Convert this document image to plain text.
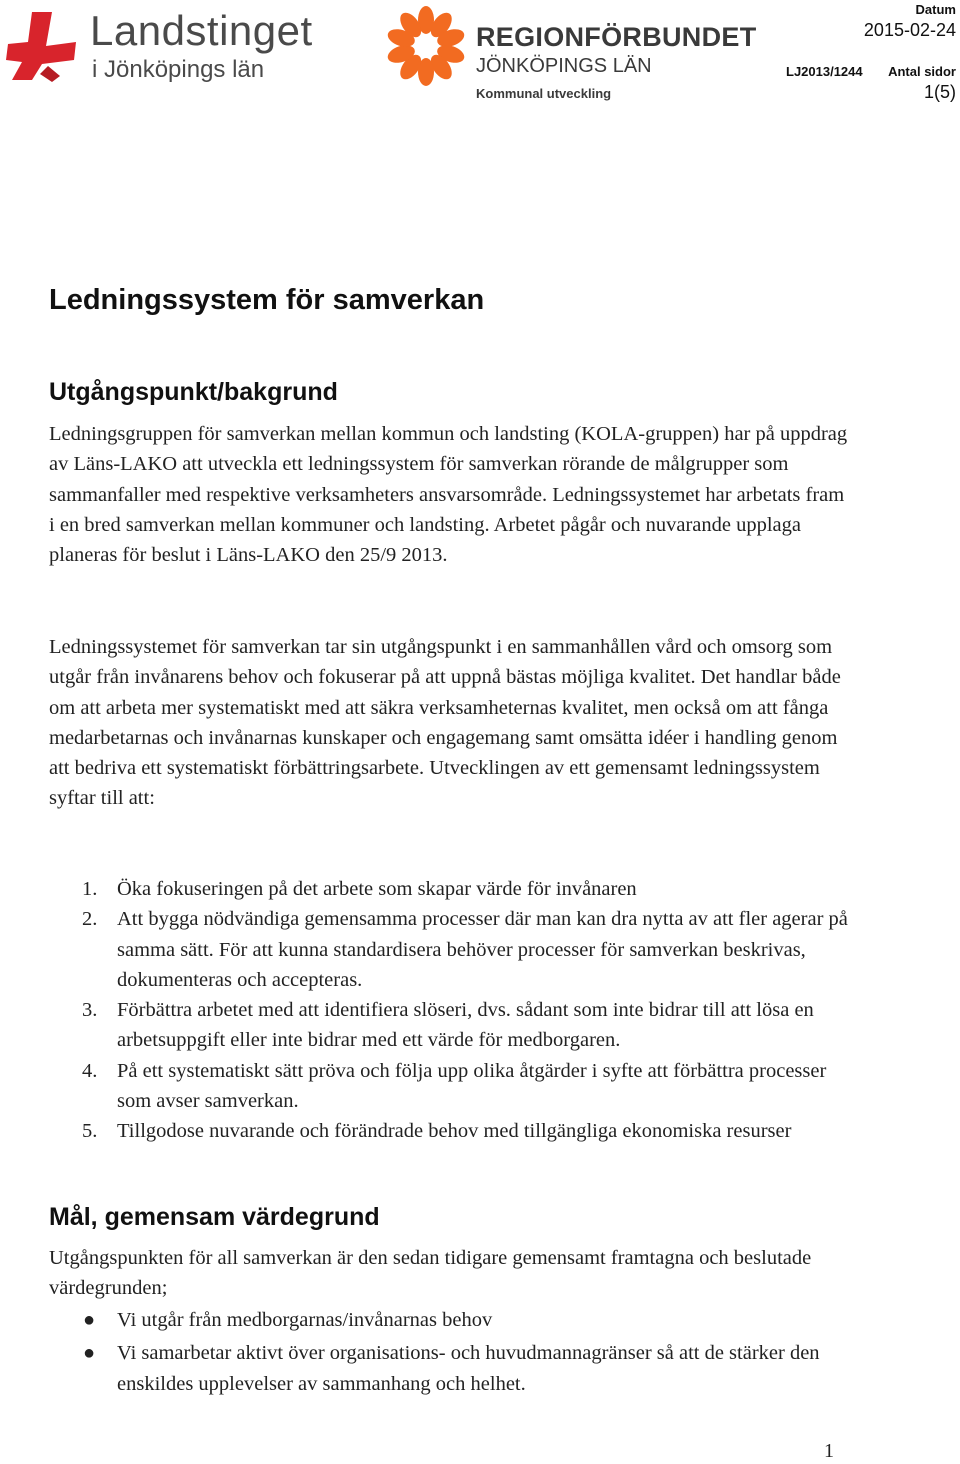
Landstinget
i Jönköpings län
REGIONFÖRBUNDET
JÖNKÖPINGS LÄN
Kommunal utveckling
Datum
2015-02-24
LJ2013/1244 Antal sidor
1(5)
Ledningssystem för samverkan
Utgångspunkt/bakgrund

Ledningsgruppen för samverkan mellan kommun och landsting (KOLA-gruppen) har på uppdrag av Läns-LAKO att utveckla ett ledningssystem för samverkan rörande de målgrupper som sammanfaller med respektive verksamheters ansvarsområde. Ledningssystemet har arbetats fram i en bred samverkan mellan kommuner och landsting. Arbetet pågår och nuvarande upplaga planeras för beslut i Läns-LAKO den 25/9 2013.

Ledningssystemet för samverkan tar sin utgångspunkt i en sammanhållen vård och omsorg som utgår från invånarens behov och fokuserar på att uppnå bästas möjliga kvalitet. Det handlar både om att arbeta mer systematiskt med att säkra verksamheternas kvalitet, men också om att fånga medarbetarnas och invånarnas kunskaper och engagemang samt omsätta idéer i handling genom att bedriva ett systematiskt förbättringsarbete. Utvecklingen av ett gemensamt ledningssystem syftar till att:

1. Öka fokuseringen på det arbete som skapar värde för invånaren
2. Att bygga nödvändiga gemensamma processer där man kan dra nytta av att fler agerar på samma sätt. För att kunna standardisera behöver processer för samverkan beskrivas, dokumenteras och accepteras.
3. Förbättra arbetet med att identifiera slöseri, dvs. sådant som inte bidrar till att lösa en arbetsuppgift eller inte bidrar med ett värde för medborgaren.
4. På ett systematiskt sätt pröva och följa upp olika åtgärder i syfte att förbättra processer som avser samverkan.
5. Tillgodose nuvarande och förändrade behov med tillgängliga ekonomiska resurser
Mål, gemensam värdegrund

Utgångspunkten för all samverkan är den sedan tidigare gemensamt framtagna och beslutade värdegrunden;

● Vi utgår från medborgarnas/invånarnas behov
● Vi samarbetar aktivt över organisations- och huvudmannagränser så att de stärker den enskildes upplevelser av sammanhang och helhet.
1
